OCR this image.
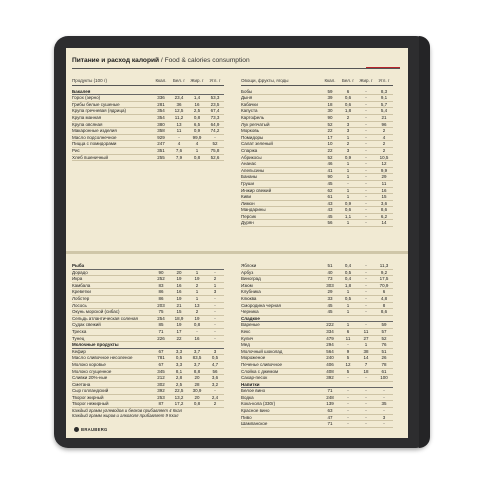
Питание и расход калорий / Food & calories consumption
Продукты (100 г)	Ккал.	Бел. г	Жир. г	Угл. г
Бакалея
Горох (зерно)	336	23,4	1,4	53,3
Грибы белые сушеные	281	36	16	23,5
Крупа гречневая (ядрица)	354	12,5	2,5	67,4
Крупа манная	354	11,2	0,8	73,3
Крупа овсяная	380	13	6,5	64,9
Макаронные изделия	358	11	0,9	74,2
Масло подсолнечное	929	-	99,9	-
Пицца с помидорами	247	4	4	52
Рис	351	7,6	1	75,8
Хлеб пшеничный	255	7,9	0,8	52,6
Овощи, фрукты, ягоды	Ккал.	Бел. г	Жир. г	Угл. г
Бобы	59	6	-	8,3
Дыня	39	0,6	-	9,1
Кабачки	18	0,6	-	5,7
Капуста	30	1,8	-	5,4
Картофель	90	2	-	21
Лук репчатый	52	3	-	96
Морковь	22	3	-	2
Помидоры	17	1	-	4
Салат зеленый	10	2	-	2
Спаржа	22	3	-	2
Абрикосы	52	0,9	-	10,5
Ананас	46	1	-	12
Апельсины	41	1	-	9,9
Бананы	90	1	-	29
Груши	45	-	-	11
Инжир свежий	62	1	-	16
Киви	61	1	-	15
Лимон	43	0,9	-	3,6
Мандарины	43	0,6	-	8,6
Персик	45	1,1	-	6,2
Дурян	56	1	-	14
Рыба
Дорадо	90	20	1	-
Икра	252	19	19	2
Камбала	83	16	2	1
Креветки	86	16	1	3
Лобстер	86	19	1	-
Лосось	203	21	13	-
Окунь морской (сибас)	75	15	2	-
Сельдь атлантическая соленая	254	18,9	19	-
Судак свежий	85	19	0,8	-
Треска	71	17	-	-
Тунец	226	22	16	-
Молочные продукты
Кефир	67	3,3	3,7	3
Масло сливочное несоленое	781	0,5	83,5	0,5
Молоко коровье	67	3,3	3,7	4,7
Молоко сгущенное	345	8,1	8,8	56
Сливки 20%-ные	212	2,8	20	3,6
Сметана	302	2,5	28	3,2
Сыр голландский	392	22,5	30,9	-
Творог жирный	253	13,2	20	2,4
Творог нежирный	87	17,2	0,8	2
Каждый грамм углеводов и белков прибавляет 4 Ккал
Каждый грамм жиров и алкоголя прибавляет 9 Ккал
Яблоки	51	0,4	-	11,3
Арбуз	40	0,5	-	9,2
Виноград	73	0,4	-	17,5
Изюм	303	1,8	-	70,9
Клубника	29	1	-	6
Клюква	33	0,5	-	4,8
Смородина черная	45	1	-	8
Черника	45	1	-	8,6
Сладкое
Вареные	222	1	-	59
Кекс	334	6	11	57
Кулич	479	11	27	52
Мед	294	-	1	76
Молочный шоколад	564	9	38	51
Мороженое	240	5	14	26
Печенье сливочное	406	12	7	78
Слойка с джемом	408	5	18	61
Сахар-песок	392	-	-	100
Напитки
Белое вино	71	-	-	-
Водка	248	-	-	-
Кока-кола (330г)	139	-	-	35
Красное вино	63	-	-	-
Пиво	47	-	-	3
Шампанское	71	-	-	-
BRAUBERG
